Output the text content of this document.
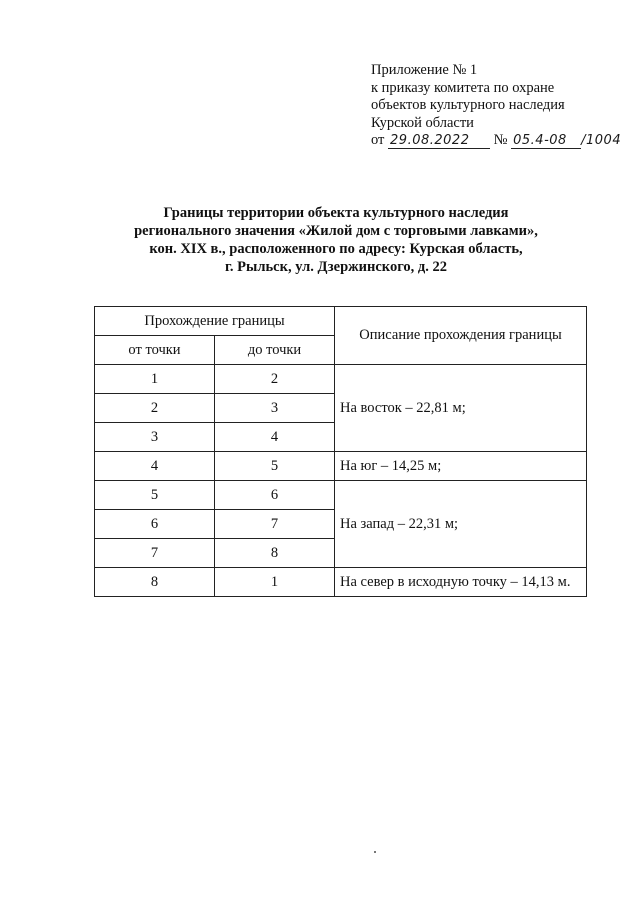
Приложение № 1
к приказу комитета по охране
объектов культурного наследия
Курской области
от 29.08.2022 № 05.4-08 /1004
Границы территории объекта культурного наследия
регионального значения «Жилой дом с торговыми лавками»,
кон. XIX в., расположенного по адресу: Курская область,
г. Рыльск, ул. Дзержинского, д. 22
Прохождение границы		Описание прохождения границы
от точки	до точки	
1	2	На восток – 22,81 м;
2	3	
3	4	
4	5	На юг – 14,25 м;
5	6	На запад – 22,31 м;
6	7	
7	8	
8	1	На север в исходную точку – 14,13 м.
